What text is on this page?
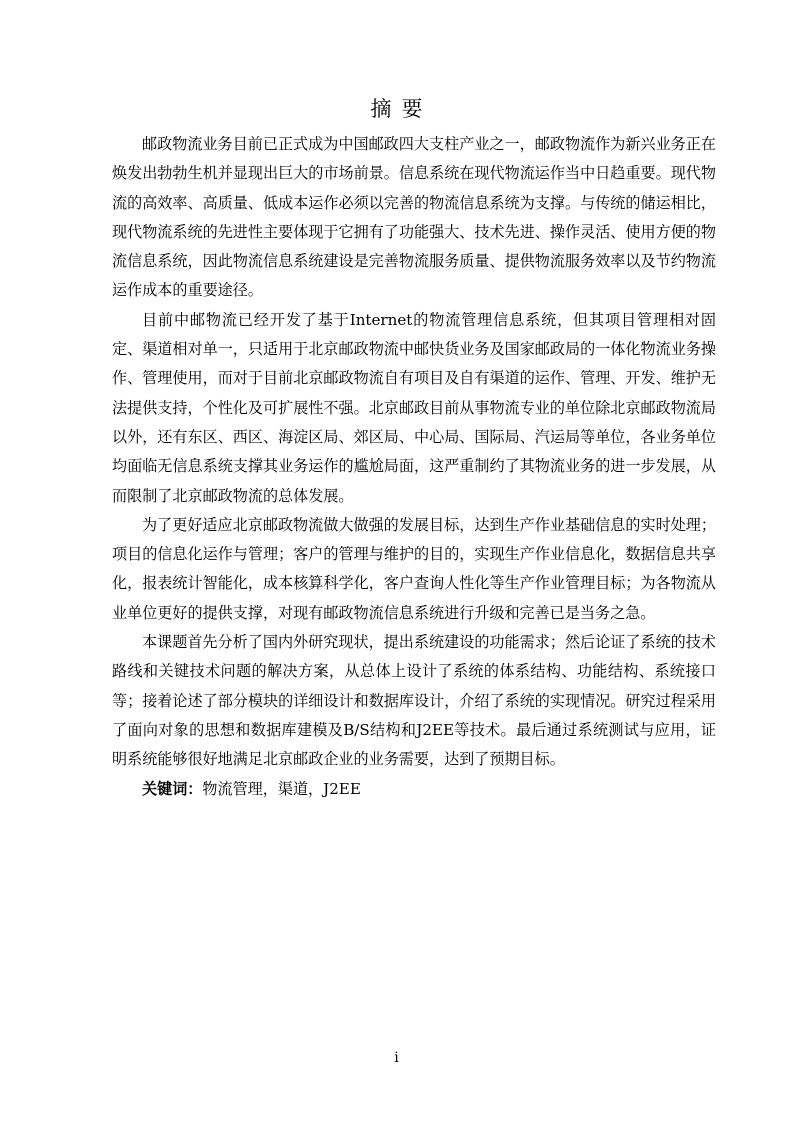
摘要

邮政物流业务目前已正式成为中国邮政四大支柱产业之一，邮政物流作为新兴业务正在焕发出勃勃生机并显现出巨大的市场前景。信息系统在现代物流运作当中日趋重要。现代物流的高效率、高质量、低成本运作必须以完善的物流信息系统为支撑。与传统的储运相比，现代物流系统的先进性主要体现于它拥有了功能强大、技术先进、操作灵活、使用方便的物流信息系统，因此物流信息系统建设是完善物流服务质量、提供物流服务效率以及节约物流运作成本的重要途径。

目前中邮物流已经开发了基于Internet的物流管理信息系统，但其项目管理相对固定、渠道相对单一，只适用于北京邮政物流中邮快货业务及国家邮政局的一体化物流业务操作、管理使用，而对于目前北京邮政物流自有项目及自有渠道的运作、管理、开发、维护无法提供支持，个性化及可扩展性不强。北京邮政目前从事物流专业的单位除北京邮政物流局以外，还有东区、西区、海淀区局、郊区局、中心局、国际局、汽运局等单位，各业务单位均面临无信息系统支撑其业务运作的尴尬局面，这严重制约了其物流业务的进一步发展，从而限制了北京邮政物流的总体发展。

为了更好适应北京邮政物流做大做强的发展目标，达到生产作业基础信息的实时处理；项目的信息化运作与管理；客户的管理与维护的目的，实现生产作业信息化，数据信息共享化，报表统计智能化，成本核算科学化，客户查询人性化等生产作业管理目标；为各物流从业单位更好的提供支撑，对现有邮政物流信息系统进行升级和完善已是当务之急。

本课题首先分析了国内外研究现状，提出系统建设的功能需求；然后论证了系统的技术路线和关键技术问题的解决方案，从总体上设计了系统的体系结构、功能结构、系统接口等；接着论述了部分模块的详细设计和数据库设计，介绍了系统的实现情况。研究过程采用了面向对象的思想和数据库建模及B/S结构和J2EE等技术。最后通过系统测试与应用，证明系统能够很好地满足北京邮政企业的业务需要，达到了预期目标。

关键词：物流管理，渠道，J2EE

i
